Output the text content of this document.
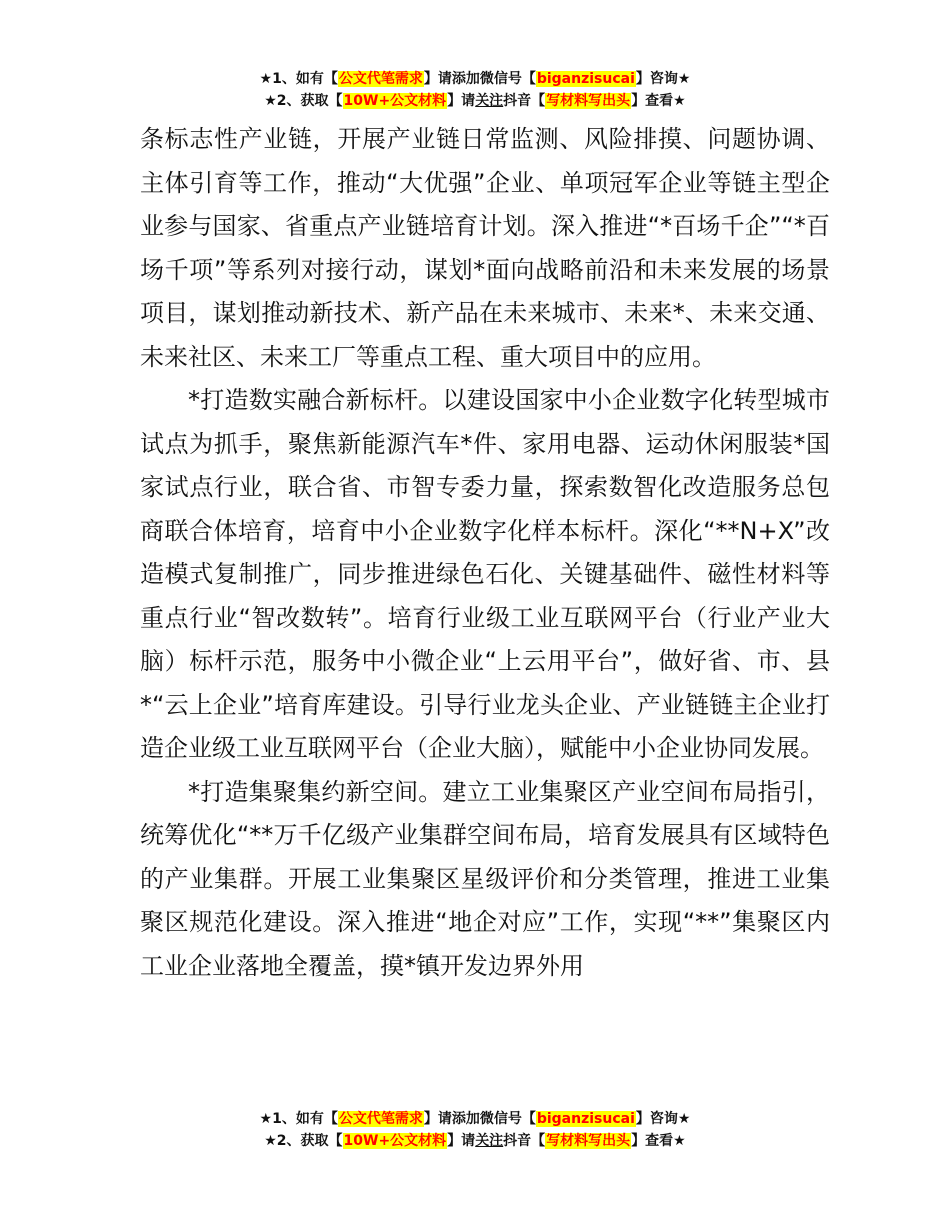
★1、如有【公文代笔需求】请添加微信号【biganzisucai】咨询★
★2、获取【10W+公文材料】请关注抖音【写材料写出头】查看★

条标志性产业链，开展产业链日常监测、风险排摸、问题协调、主体引育等工作，推动“大优强”企业、单项冠军企业等链主型企业参与国家、省重点产业链培育计划。深入推进“*百场千企”“*百场千项”等系列对接行动，谋划*面向战略前沿和未来发展的场景项目，谋划推动新技术、新产品在未来城市、未来*、未来交通、未来社区、未来工厂等重点工程、重大项目中的应用。

*打造数实融合新标杆。以建设国家中小企业数字化转型城市试点为抓手，聚焦新能源汽车*件、家用电器、运动休闲服装*国家试点行业，联合省、市智专委力量，探索数智化改造服务总包商联合体培育，培育中小企业数字化样本标杆。深化“**N+X”改造模式复制推广，同步推进绿色石化、关键基础件、磁性材料等重点行业“智改数转”。培育行业级工业互联网平台（行业产业大脑）标杆示范，服务中小微企业“上云用平台”，做好省、市、县*“云上企业”培育库建设。引导行业龙头企业、产业链链主企业打造企业级工业互联网平台（企业大脑），赋能中小企业协同发展。

*打造集聚集约新空间。建立工业集聚区产业空间布局指引，统筹优化“**万千亿级产业集群空间布局，培育发展具有区域特色的产业集群。开展工业集聚区星级评价和分类管理，推进工业集聚区规范化建设。深入推进“地企对应”工作，实现“**”集聚区内工业企业落地全覆盖，摸*镇开发边界外用

★1、如有【公文代笔需求】请添加微信号【biganzisucai】咨询★
★2、获取【10W+公文材料】请关注抖音【写材料写出头】查看★
